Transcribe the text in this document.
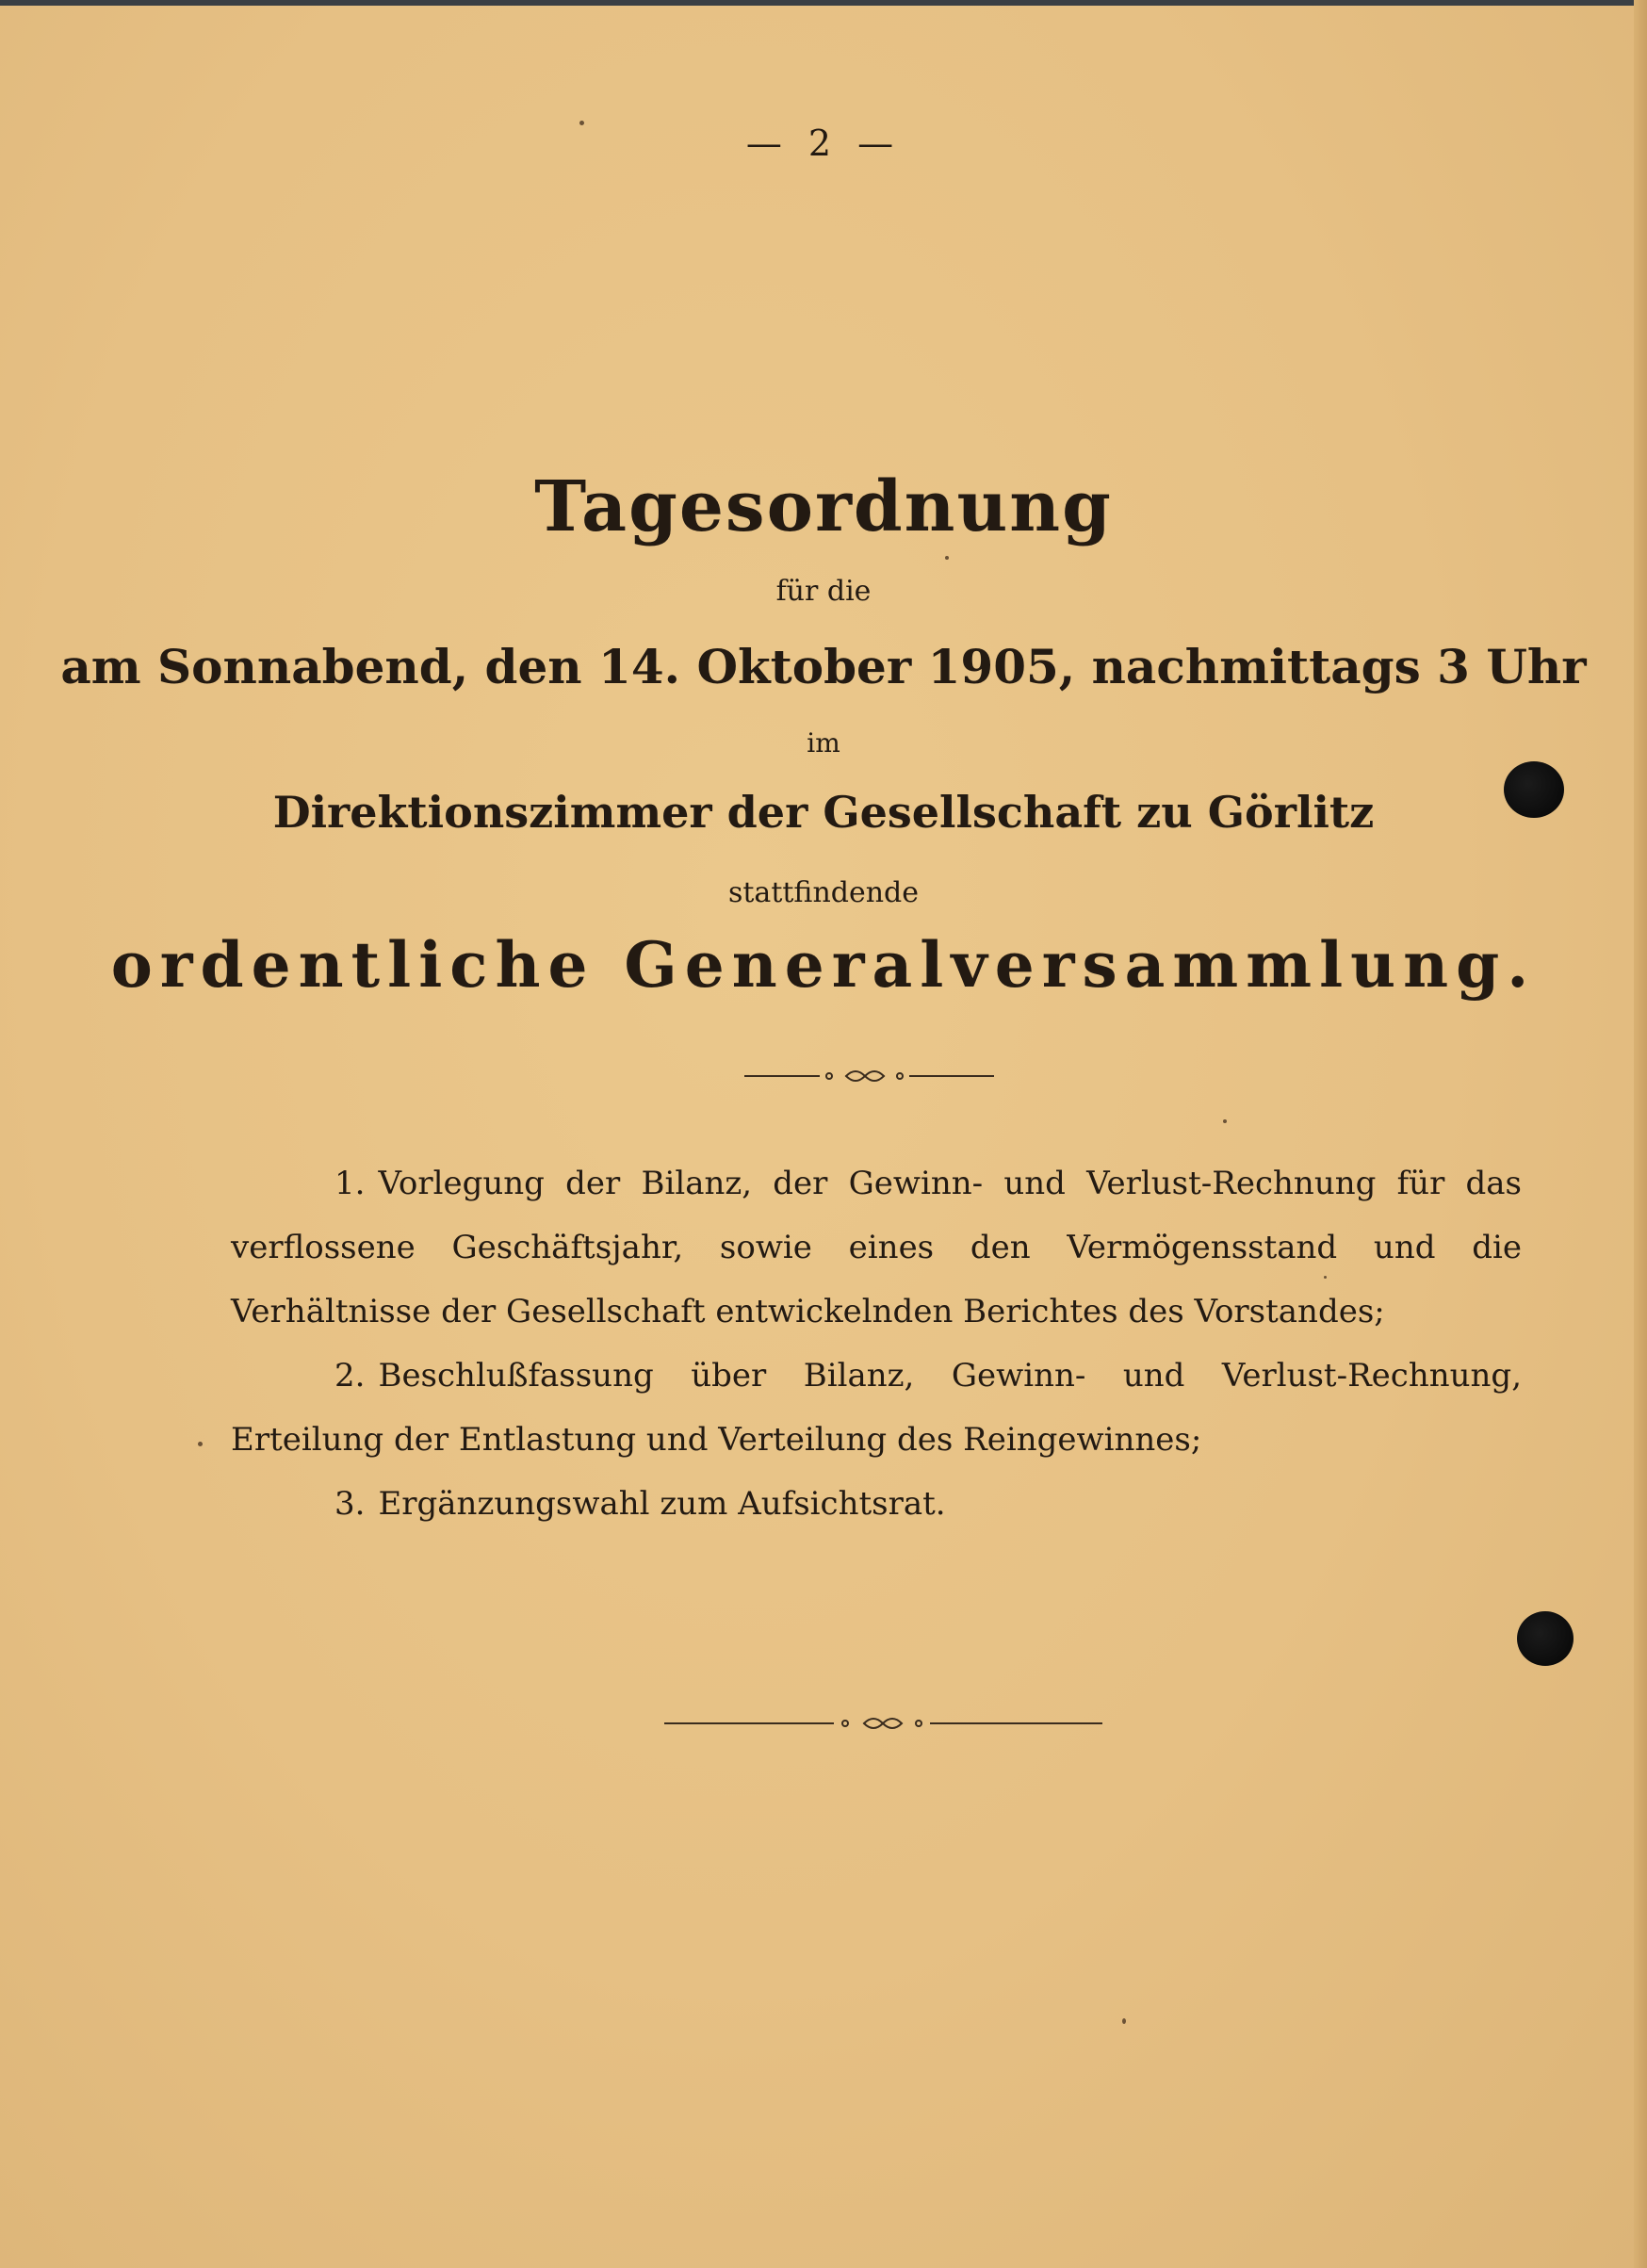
— 2 —
Tagesordnung
für die
am Sonnabend, den 14. Oktober 1905, nachmittags 3 Uhr
im
Direktionszimmer der Gesellschaft zu Görlitz
stattfindende
ordentliche Generalversammlung.
1. Vorlegung der Bilanz, der Gewinn- und Verlust-Rechnung für das verflossene Geschäftsjahr, sowie eines den Vermögensstand und die Verhältnisse der Gesellschaft entwickelnden Berichtes des Vorstandes;
2. Beschlußfassung über Bilanz, Gewinn- und Verlust-Rechnung, Erteilung der Entlastung und Verteilung des Reingewinnes;
3. Ergänzungswahl zum Aufsichtsrat.
